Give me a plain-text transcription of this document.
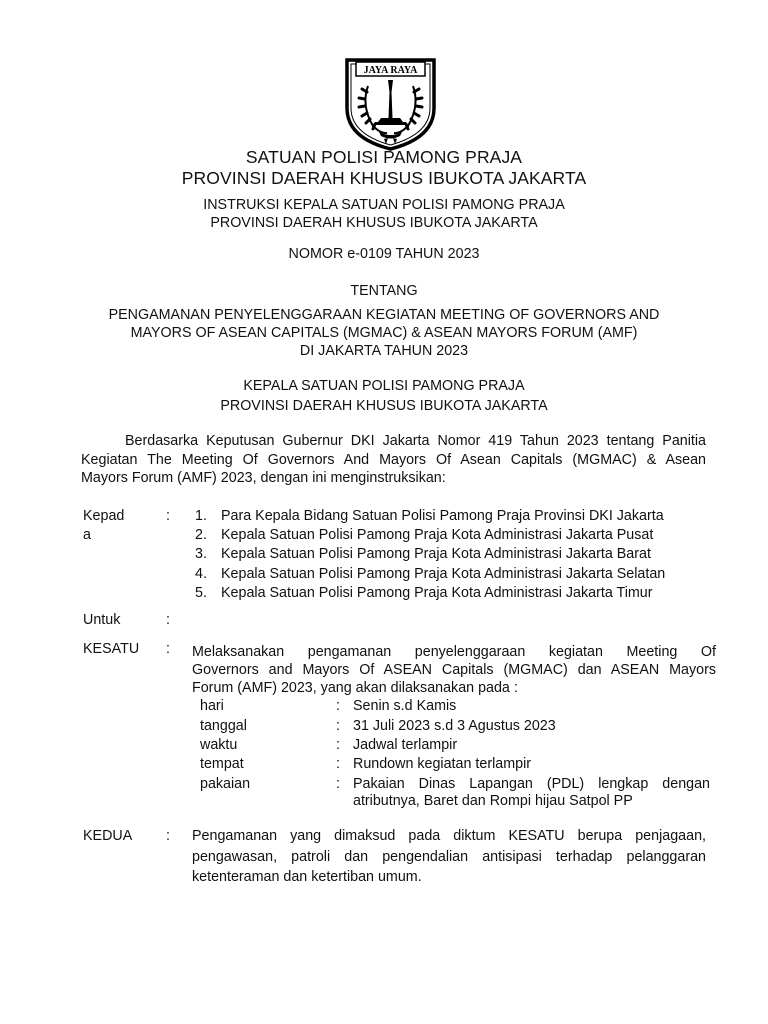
JAYA RAYA
SATUAN POLISI PAMONG PRAJA
PROVINSI DAERAH KHUSUS IBUKOTA JAKARTA
INSTRUKSI KEPALA SATUAN POLISI PAMONG PRAJA
PROVINSI DAERAH KHUSUS IBUKOTA JAKARTA
NOMOR e-0109 TAHUN 2023
TENTANG
PENGAMANAN PENYELENGGARAAN KEGIATAN MEETING OF GOVERNORS AND
MAYORS OF ASEAN CAPITALS (MGMAC) & ASEAN MAYORS FORUM (AMF)
DI JAKARTA TAHUN 2023
KEPALA SATUAN POLISI PAMONG PRAJA
PROVINSI DAERAH KHUSUS IBUKOTA JAKARTA
Berdasarka Keputusan Gubernur DKI Jakarta Nomor 419 Tahun 2023 tentang Panitia
Kegiatan The Meeting Of Governors And Mayors Of Asean Capitals (MGMAC) & Asean
Mayors Forum (AMF) 2023, dengan ini menginstruksikan:
Kepad
a
: 1. Para Kepala Bidang Satuan Polisi Pamong Praja Provinsi DKI Jakarta
2. Kepala Satuan Polisi Pamong Praja Kota Administrasi Jakarta Pusat
3. Kepala Satuan Polisi Pamong Praja Kota Administrasi Jakarta Barat
4. Kepala Satuan Polisi Pamong Praja Kota Administrasi Jakarta Selatan
5. Kepala Satuan Polisi Pamong Praja Kota Administrasi Jakarta Timur
Untuk	:
KESATU : Melaksanakan pengamanan penyelenggaraan kegiatan Meeting Of
Governors and Mayors Of ASEAN Capitals (MGMAC) dan ASEAN Mayors
Forum (AMF) 2023, yang akan dilaksanakan pada :
hari	: Senin s.d Kamis
tanggal	: 31 Juli 2023 s.d 3 Agustus 2023
waktu	: Jadwal terlampir
tempat	: Rundown kegiatan terlampir
pakaian	: Pakaian Dinas Lapangan (PDL) lengkap dengan
atributnya, Baret dan Rompi hijau Satpol PP
KEDUA : Pengamanan yang dimaksud pada diktum KESATU berupa penjagaan,
pengawasan, patroli dan pengendalian antisipasi terhadap pelanggaran
ketenteraman dan ketertiban umum.
